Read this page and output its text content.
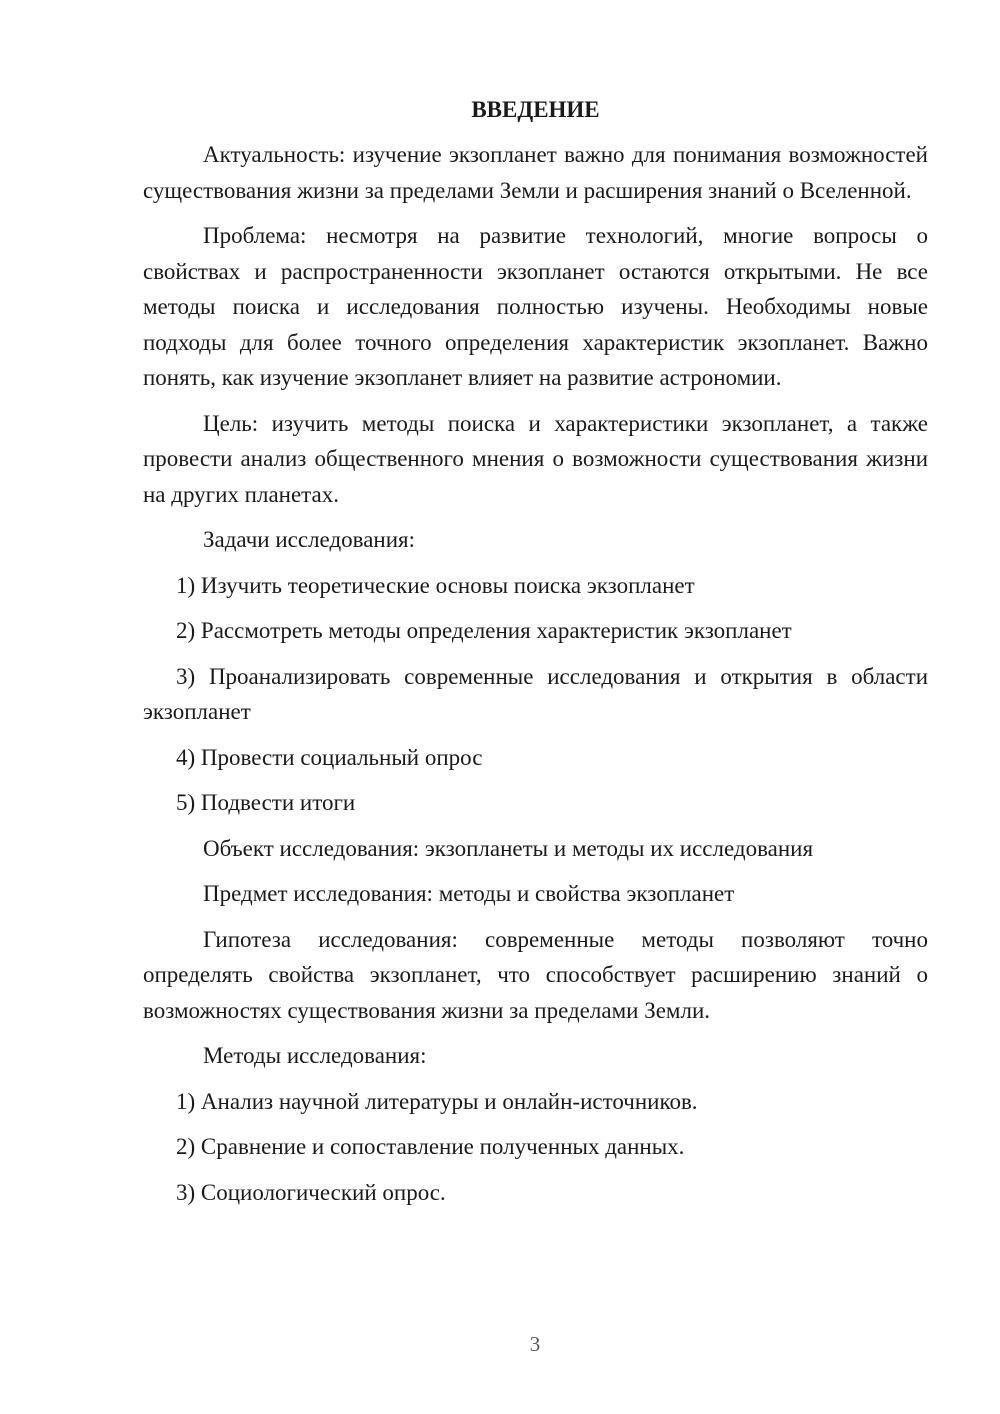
ВВЕДЕНИЕ
Актуальность: изучение экзопланет важно для понимания возможностей существования жизни за пределами Земли и расширения знаний о Вселенной.
Проблема: несмотря на развитие технологий, многие вопросы о свойствах и распространенности экзопланет остаются открытыми. Не все методы поиска и исследования полностью изучены. Необходимы новые подходы для более точного определения характеристик экзопланет. Важно понять, как изучение экзопланет влияет на развитие астрономии.
Цель: изучить методы поиска и характеристики экзопланет, а также провести анализ общественного мнения о возможности существования жизни на других планетах.
Задачи исследования:
1) Изучить теоретические основы поиска экзопланет
2) Рассмотреть методы определения характеристик экзопланет
3) Проанализировать современные исследования и открытия в области экзопланет
4) Провести социальный опрос
5) Подвести итоги
Объект исследования: экзопланеты и методы их исследования
Предмет исследования: методы и свойства экзопланет
Гипотеза исследования: современные методы позволяют точно определять свойства экзопланет, что способствует расширению знаний о возможностях существования жизни за пределами Земли.
Методы исследования:
1) Анализ научной литературы и онлайн-источников.
2) Сравнение и сопоставление полученных данных.
3) Социологический опрос.
3
